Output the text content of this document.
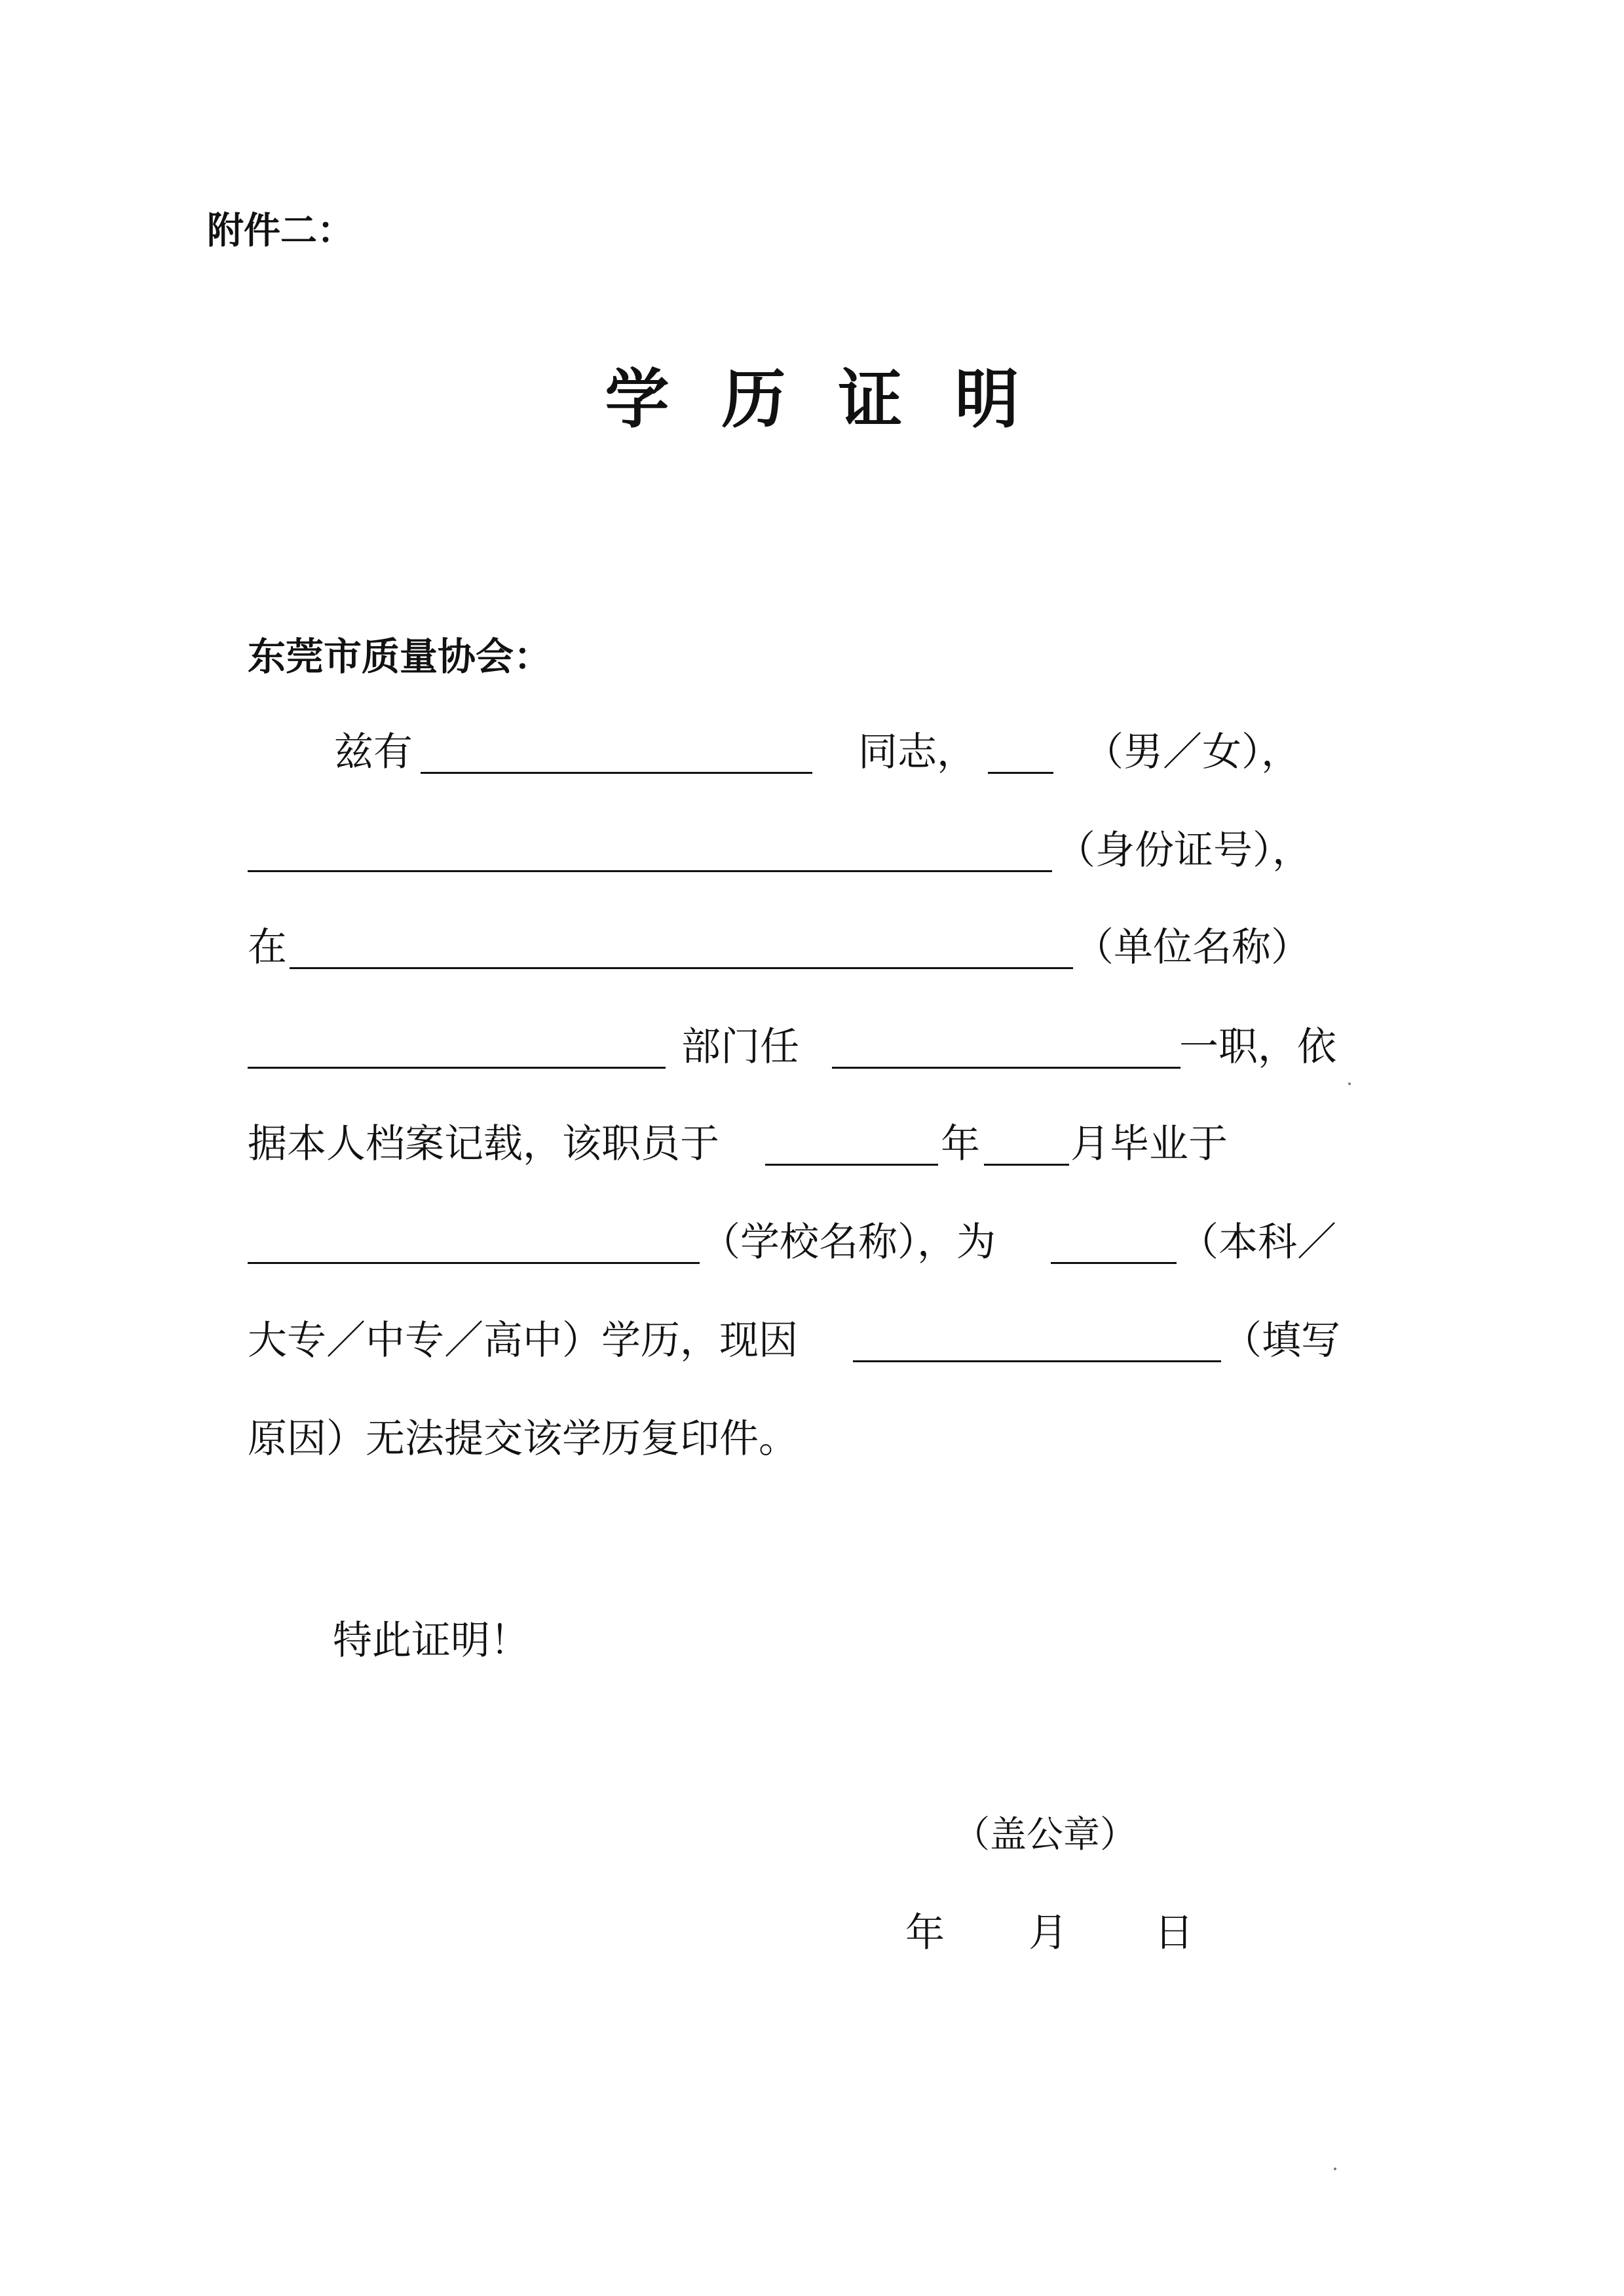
附件二：
学历证明
东莞市质量协会：
兹有	同志，	（男／女），
（身份证号），
在	（单位名称）
部门任	一职，依
据本人档案记载，该职员于	年 月毕业于
（学校名称），为	（本科／
大专／中专／高中）学历，现因	（填写
原因）无法提交该学历复印件。
特此证明！
（盖公章）
年 月 日
